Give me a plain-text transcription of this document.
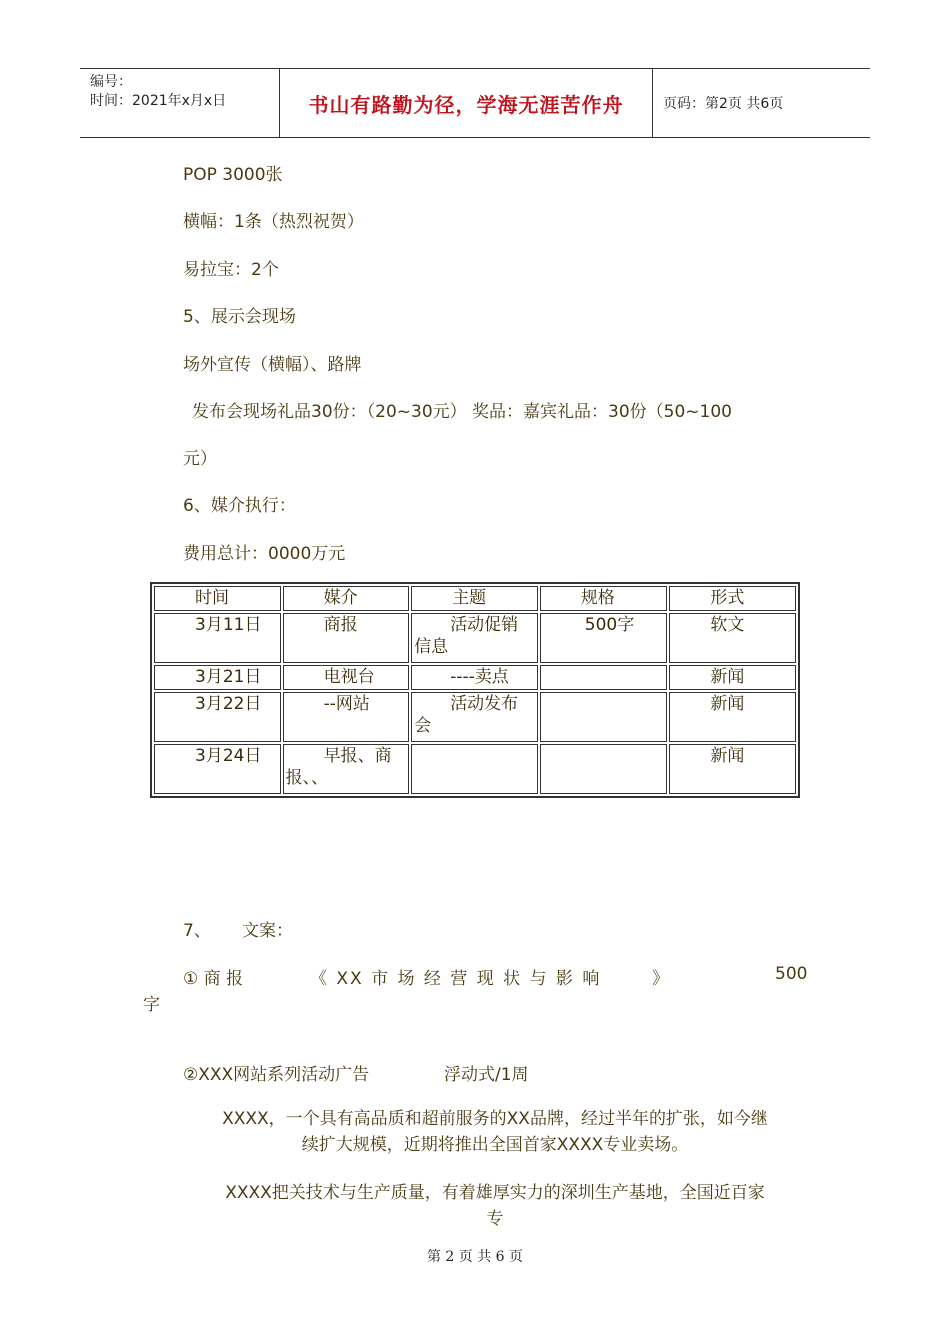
编号：
时间：2021年x月x日	书山有路勤为径，学海无涯苦作舟	页码：第2页 共6页
POP 3000张
横幅：1条（热烈祝贺）
易拉宝：2个
5、展示会现场
场外宣传（横幅）、路牌
发布会现场礼品30份：（20~30元） 奖品：嘉宾礼品：30份（50~100
元）
6、媒介执行：
费用总计：0000万元
时间	媒介	主题	规格	形式
3月11日	商报	活动促销信息	500字	软文
3月21日	电视台	----卖点		新闻
3月22日	--网站	活动发布会		新闻
3月24日	早报、商报、、			新闻
7、 文案：
① 商 报	《 XX 市 场 经 营 现 状 与 影 响	》	500
字
②XXX网站系列活动广告	浮动式/1周
XXXX，一个具有高品质和超前服务的XX品牌，经过半年的扩张，如今继
续扩大规模，近期将推出全国首家XXXX专业卖场。
XXXX把关技术与生产质量，有着雄厚实力的深圳生产基地，全国近百家
专
第 2 页 共 6 页
